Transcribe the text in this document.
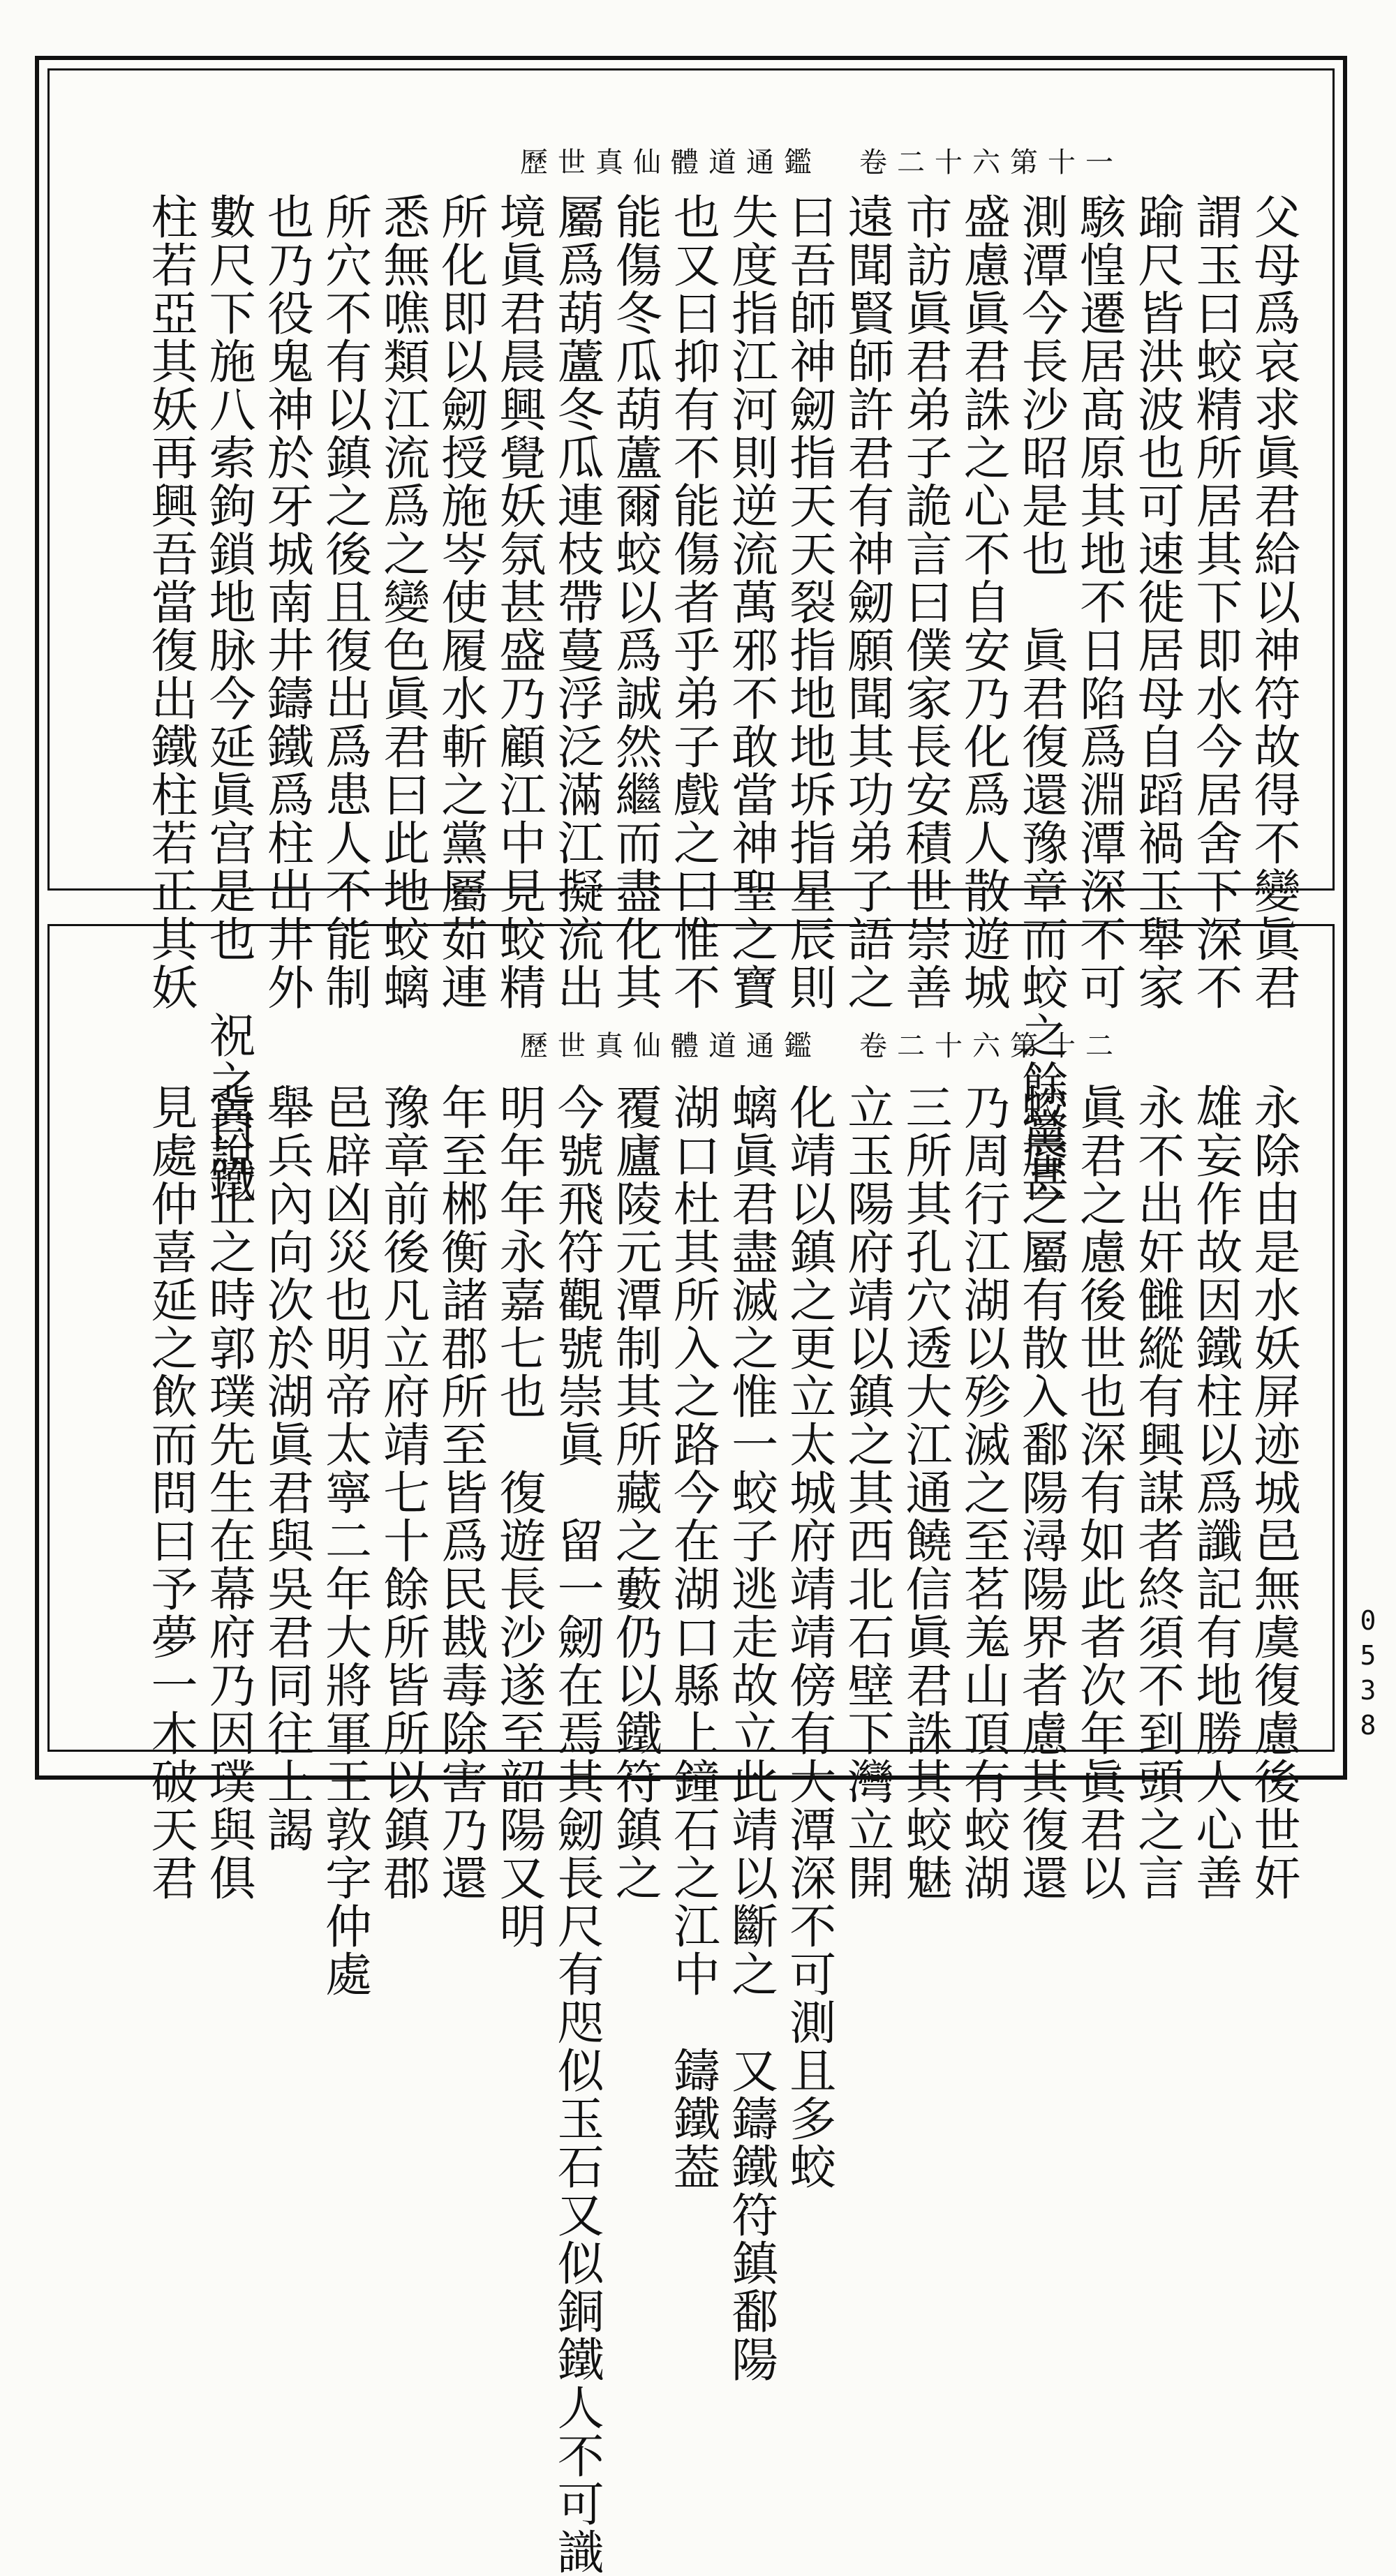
歷世真仙體道通鑑　卷二十六第十一
父母爲哀求眞君給以神符故得不變眞君
謂玉曰蛟精所居其下即水今居舍下深不
踰尺皆洪波也可速徙居母自蹈禍玉舉家
駭惶遷居髙原其地不日陷爲淵潭深不可
測潭今長沙昭是也　眞君復還豫章而蛟之餘黨甚
盛慮眞君誅之心不自安乃化爲人散遊城
市訪眞君弟子詭言曰僕家長安積世崇善
遠聞賢師許君有神劒願聞其功弟子語之
曰吾師神劒指天天裂指地地坼指星辰則
失度指江河則逆流萬邪不敢當神聖之寶
也又曰抑有不能傷者乎弟子戲之曰惟不
能傷冬瓜葫蘆爾蛟以爲誠然繼而盡化其
屬爲葫蘆冬瓜連枝帶蔓浮泛滿江擬流出
境眞君晨興覺妖氛甚盛乃顧江中見蛟精
所化即以劒授施岑使履水斬之黨屬茹連
悉無噍類江流爲之變色眞君曰此地蛟螭
所穴不有以鎮之後且復出爲患人不能制
也乃役鬼神於牙城南井鑄鐵爲柱出井外
數尺下施八索鉤鎖地脉今延眞宫是也　祝之曰鐵
柱若亞其妖再興吾當復出鐵柱若正其妖
歷世真仙體道通鑑　卷二十六第十二
永除由是水妖屏迹城邑無虞復慮後世奸
雄妄作故因鐵柱以爲讖記有地勝人心善
永不出奸雠縱有興謀者終須不到頭之言
眞君之慮後世也深有如此者次年眞君以
蛟蜃之屬有散入鄱陽潯陽界者慮其復還
乃周行江湖以殄滅之至茗羗山頂有蛟湖
三所其孔穴透大江通饒信眞君誅其蛟魅
立玉陽府靖以鎮之其西北石壁下灣立開
化靖以鎮之更立太城府靖靖傍有大潭深不可測且多蛟
螭眞君盡滅之惟一蛟子逃走故立此靖以斷之　又鑄鐵符鎮鄱陽
湖口杜其所入之路今在湖口縣上鐘石之江中　鑄鐵葢
覆廬陵元潭制其所藏之藪仍以鐵符鎮之
今號飛符觀號崇眞　留一劒在焉其劒長尺有咫似玉石又似銅鐵人不可識
明年年永嘉七也　復遊長沙遂至韶陽又明
年至郴衡諸郡所至皆爲民戡毒除害乃還
豫章前後凡立府靖七十餘所皆所以鎮郡
邑辟凶災也明帝太寧二年大將軍王敦字仲處
舉兵內向次於湖眞君與吳君同往上謁
冀說止之時郭璞先生在幕府乃因璞與俱
見處仲喜延之飲而問曰予夢一木破天君	0538
